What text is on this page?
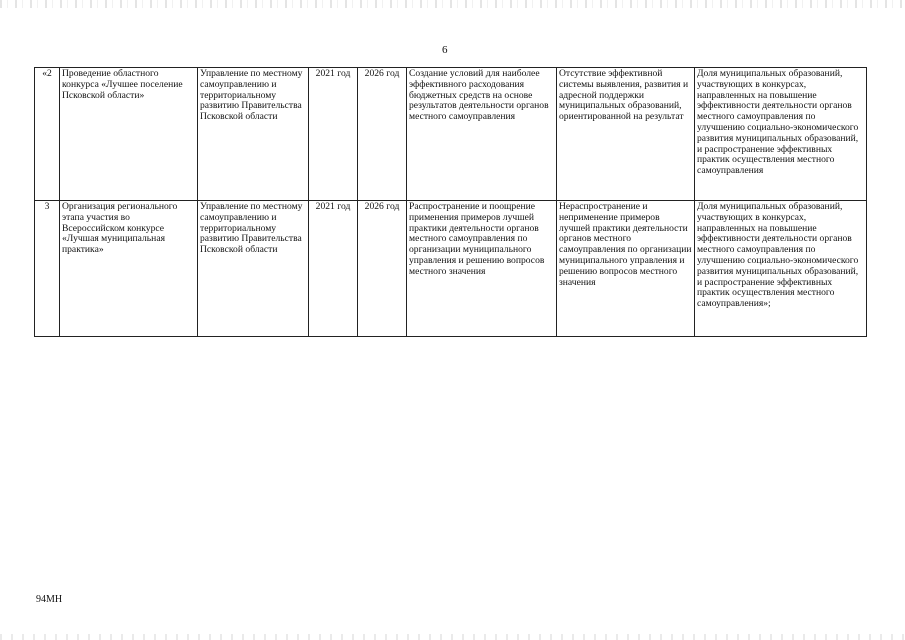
6
«2	Проведение областного конкурса «Лучшее поселение Псковской области»	Управление по местному самоуправлению и территориальному развитию Правительства Псковской области	2021 год	2026 год	Создание условий для наиболее эффективного расходования бюджетных средств на основе результатов деятельности органов местного самоуправления	Отсутствие эффективной системы выявления, развития и адресной поддержки муниципальных образований, ориентированной на результат	Доля муниципальных образований, участвующих в конкурсах, направленных на повышение эффективности деятельности органов местного самоуправления по улучшению социально-экономического развития муниципальных образований, и распространение эффективных практик осуществления местного самоуправления
3	Организация регионального этапа участия во Всероссийском конкурсе «Лучшая муниципальная практика»	Управление по местному самоуправлению и территориальному развитию Правительства Псковской области	2021 год	2026 год	Распространение и поощрение применения примеров лучшей практики деятельности органов местного самоуправления по организации муниципального управления и решению вопросов местного значения	Нераспространение и неприменение примеров лучшей практики деятельности органов местного самоуправления по организации муниципального управления и решению вопросов местного значения	Доля муниципальных образований, участвующих в конкурсах, направленных на повышение эффективности деятельности органов местного самоуправления по улучшению социально-экономического развития муниципальных образований, и распространение эффективных практик осуществления местного самоуправления»;
94МН
